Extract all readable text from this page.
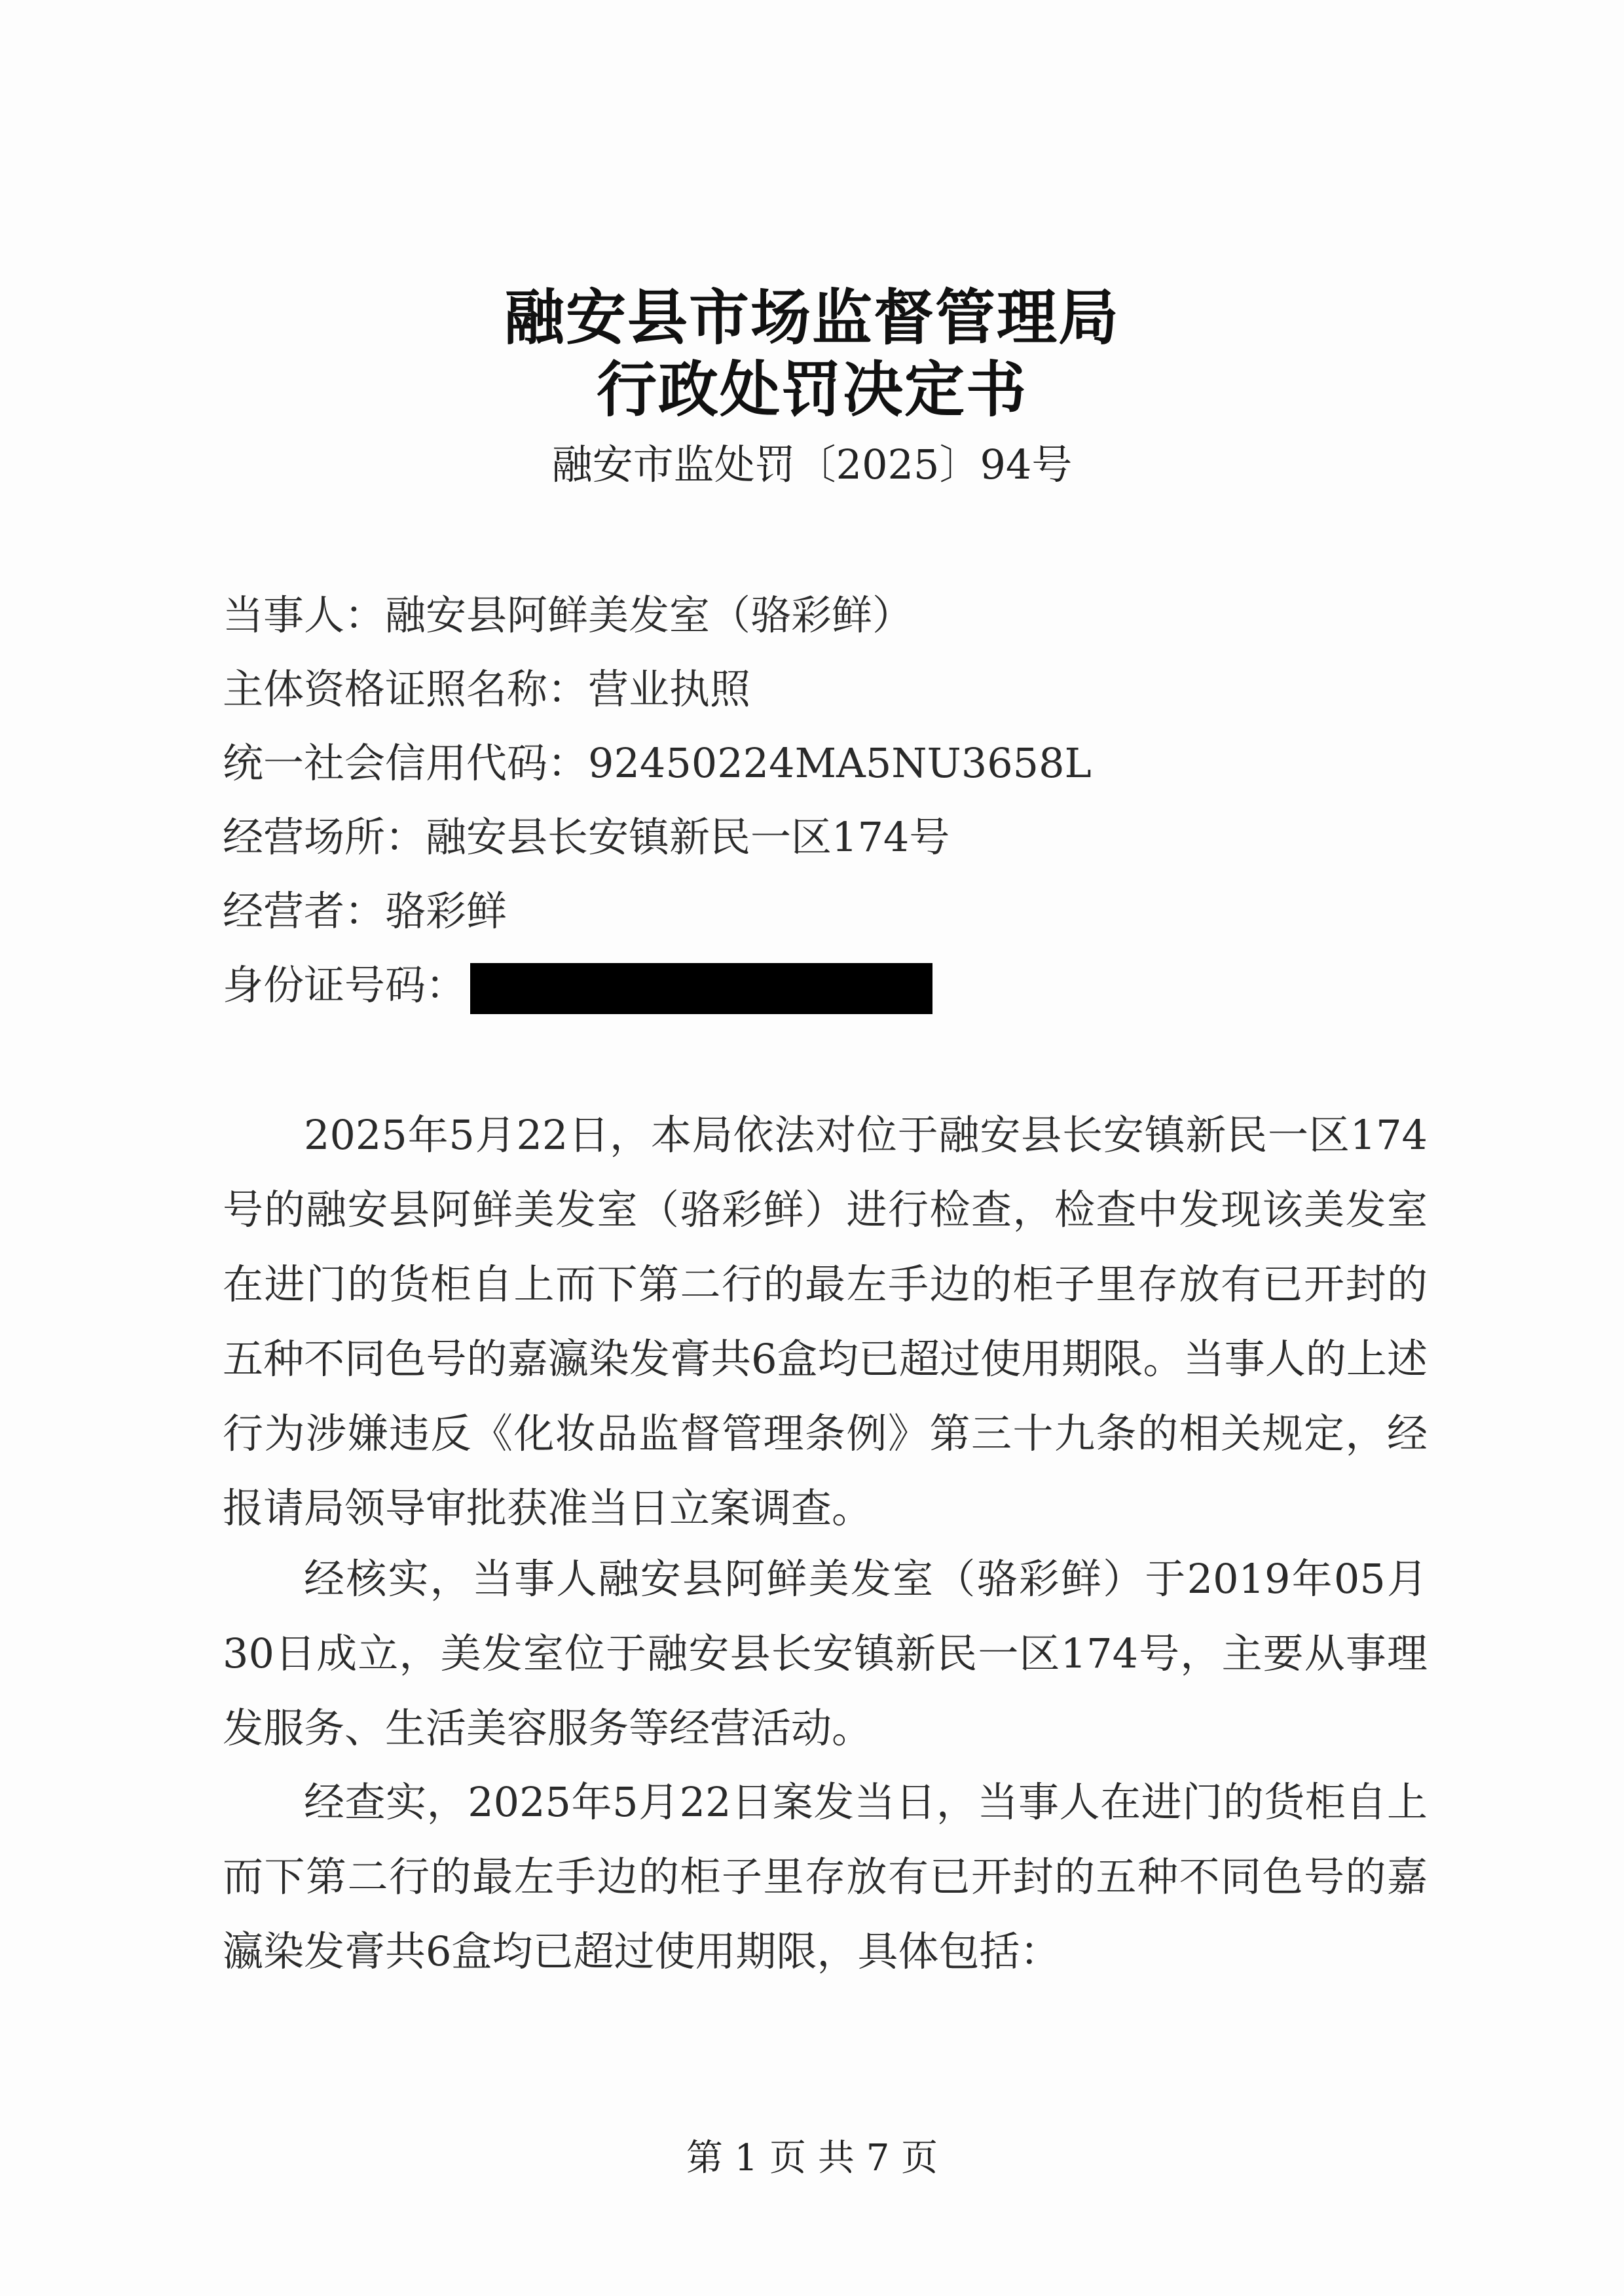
融安县市场监督管理局
行政处罚决定书
融安市监处罚〔2025〕94号
当事人：融安县阿鲜美发室（骆彩鲜）
主体资格证照名称：营业执照
统一社会信用代码：92450224MA5NU3658L
经营场所：融安县长安镇新民一区174号
经营者：骆彩鲜
身份证号码：

2025年5月22日，本局依法对位于融安县长安镇新民一区174号的融安县阿鲜美发室（骆彩鲜）进行检查，检查中发现该美发室在进门的货柜自上而下第二行的最左手边的柜子里存放有已开封的五种不同色号的嘉瀛染发膏共6盒均已超过使用期限。当事人的上述行为涉嫌违反《化妆品监督管理条例》第三十九条的相关规定，经报请局领导审批获准当日立案调查。

经核实，当事人融安县阿鲜美发室（骆彩鲜）于2019年05月30日成立，美发室位于融安县长安镇新民一区174号，主要从事理发服务、生活美容服务等经营活动。

经查实，2025年5月22日案发当日，当事人在进门的货柜自上而下第二行的最左手边的柜子里存放有已开封的五种不同色号的嘉瀛染发膏共6盒均已超过使用期限，具体包括：

第 1 页 共 7 页
